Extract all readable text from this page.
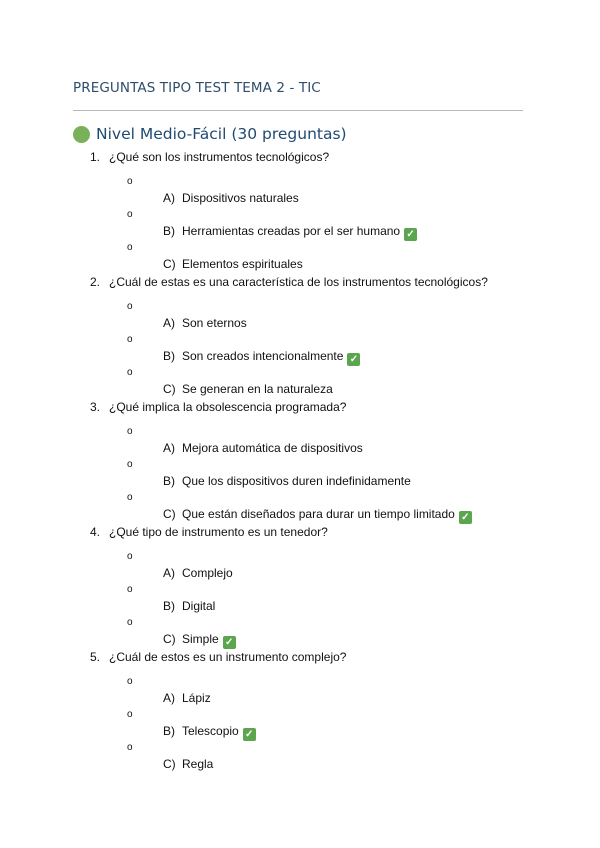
PREGUNTAS TIPO TEST TEMA 2 - TIC
Nivel Medio-Fácil (30 preguntas)
1. ¿Qué son los instrumentos tecnológicos?
o
A) Dispositivos naturales
o
B) Herramientas creadas por el ser humano ✓
o
C) Elementos espirituales
2. ¿Cuál de estas es una característica de los instrumentos tecnológicos?
o
A) Son eternos
o
B) Son creados intencionalmente ✓
o
C) Se generan en la naturaleza
3. ¿Qué implica la obsolescencia programada?
o
A) Mejora automática de dispositivos
o
B) Que los dispositivos duren indefinidamente
o
C) Que están diseñados para durar un tiempo limitado ✓
4. ¿Qué tipo de instrumento es un tenedor?
o
A) Complejo
o
B) Digital
o
C) Simple ✓
5. ¿Cuál de estos es un instrumento complejo?
o
A) Lápiz
o
B) Telescopio ✓
o
C) Regla
